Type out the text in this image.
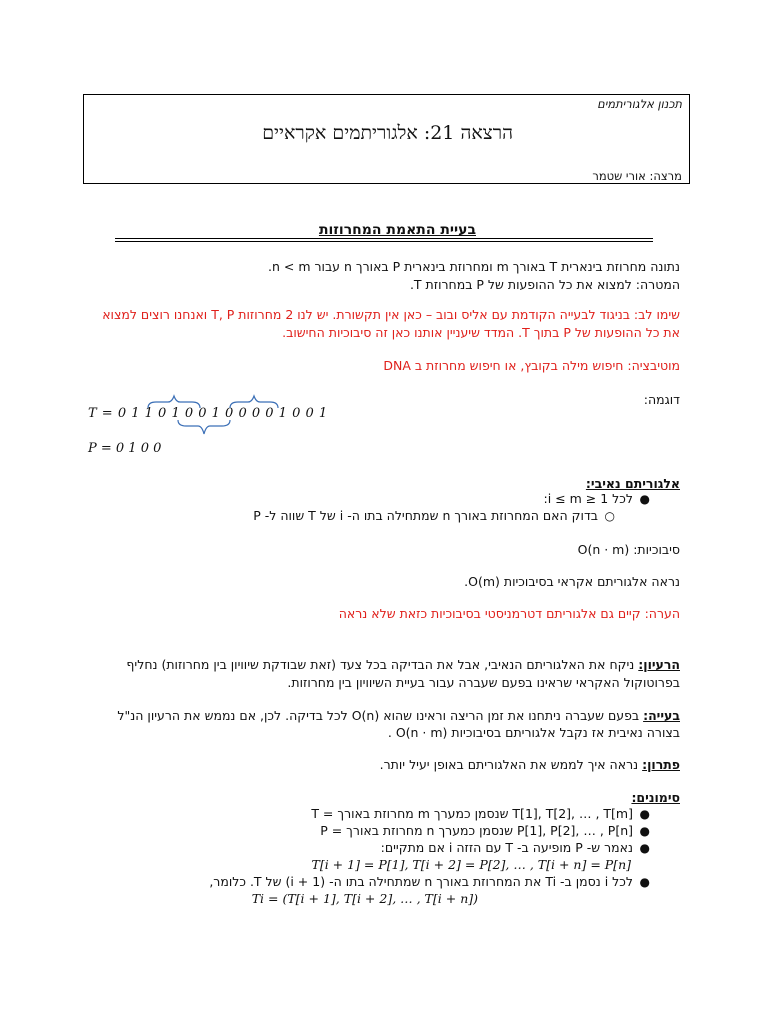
תכנון אלגוריתמים
הרצאה 21: אלגוריתמים אקראיים
מרצה: אורי שטמר
בעיית התאמת המחרוזות
נתונה מחרוזת בינארית T באורך m ומחרוזת בינארית P באורך n עבור n < m.
המטרה: למצוא את כל ההופעות של P במחרוזת T.
שימו לב: בניגוד לבעייה הקודמת עם אליס ובוב – כאן אין תקשורת. יש לנו 2 מחרוזות T, P ואנחנו רוצים למצוא
את כל ההופעות של P בתוך T. המדד שיעניין אותנו כאן זה סיבוכיות החישוב.
מוטיבציה: חיפוש מילה בקובץ, או חיפוש מחרוזת ב DNA
דוגמה:
T = 0 1 1 0 1 0 0 1 0 0 0 0 1 0 0 1
P = 0 1 0 0
אלגוריתם נאיבי:
●
לכל 1 ≤ i ≤ m:
○
בדוק האם המחרוזת באורך n שמתחילה בתו ה- i של T שווה ל- P
סיבוכיות: O(n · m)
נראה אלגוריתם אקראי בסיבוכיות O(m).
הערה: קיים גם אלגוריתם דטרמניסטי בסיבוכיות כזאת שלא נראה
הרעיון: ניקח את האלגוריתם הנאיבי, אבל את הבדיקה בכל צעד (זאת שבודקת שיוויון בין מחרוזות) נחליף
בפרוטוקול האקראי שראינו בפעם שעברה עבור בעיית השיוויון בין מחרוזות.
בעייה: בפעם שעברה ניתחנו את זמן הריצה וראינו שהוא O(n) לכל בדיקה. לכן, אם נממש את הרעיון הנ"ל
בצורה נאיבית אז נקבל אלגוריתם בסיבוכיות O(n · m) .
פתרון: נראה איך לממש את האלגוריתם באופן יעיל יותר.
סימונים:
●
T = מחרוזת באורך m שנסמן כמערך T[1], T[2], … , T[m]
●
P = מחרוזת באורך n שנסמן כמערך P[1], P[2], … , P[n]
●
נאמר ש- P מופיעה ב- T עם הזזה i אם מתקיים:
T[i + 1] = P[1], T[i + 2] = P[2], … , T[i + n] = P[n]
●
לכל i נסמן ב- Ti את המחרוזת באורך n שמתחילה בתו ה- (i + 1) של T. כלומר,
Ti = (T[i + 1], T[i + 2], … , T[i + n])
